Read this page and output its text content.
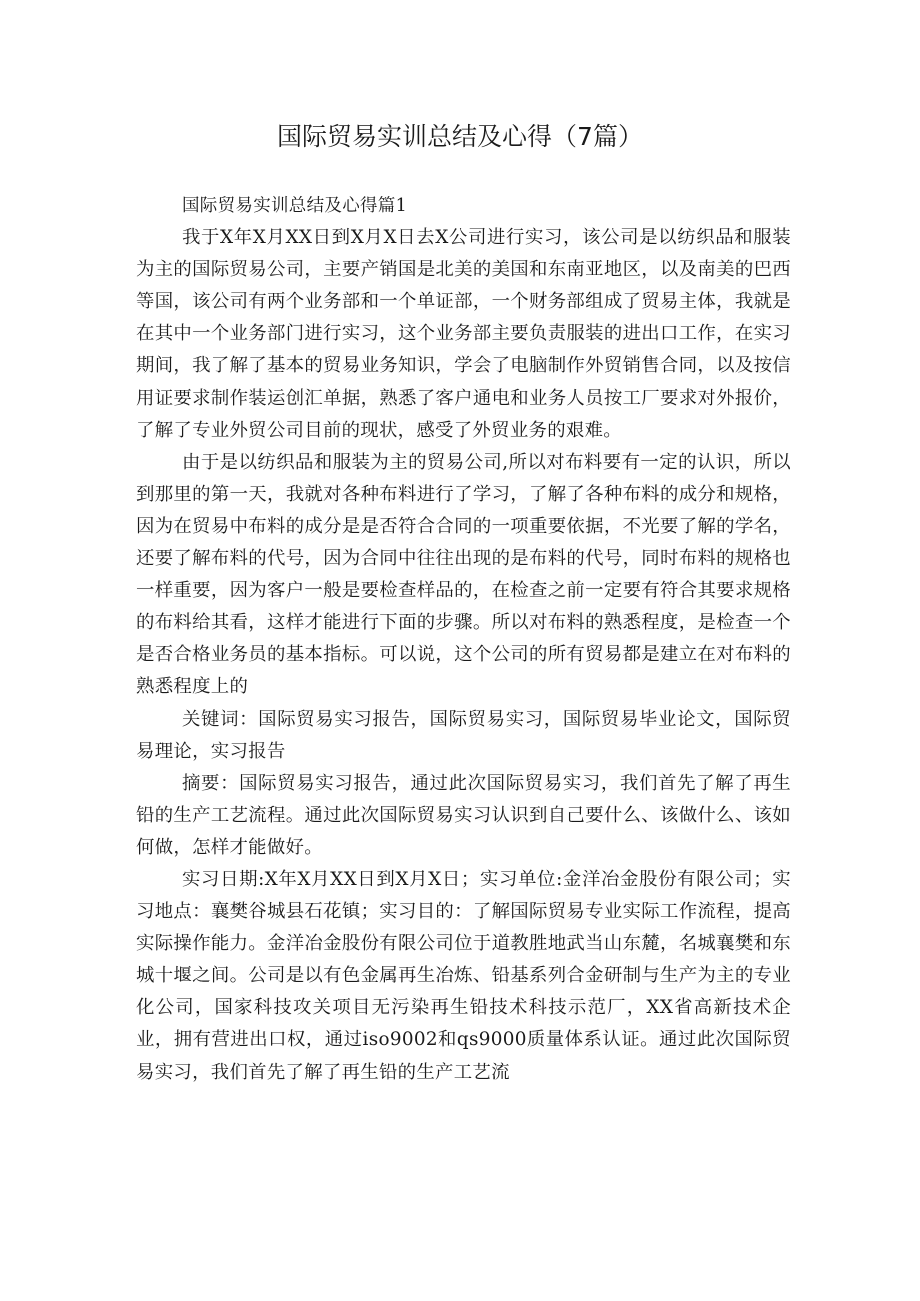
国际贸易实训总结及心得（7篇）

国际贸易实训总结及心得篇1

我于X年X月XX日到X月X日去X公司进行实习，该公司是以纺织品和服装为主的国际贸易公司，主要产销国是北美的美国和东南亚地区，以及南美的巴西等国，该公司有两个业务部和一个单证部，一个财务部组成了贸易主体，我就是在其中一个业务部门进行实习，这个业务部主要负责服装的进出口工作，在实习期间，我了解了基本的贸易业务知识，学会了电脑制作外贸销售合同，以及按信用证要求制作装运创汇单据，熟悉了客户通电和业务人员按工厂要求对外报价，了解了专业外贸公司目前的现状，感受了外贸业务的艰难。

由于是以纺织品和服装为主的贸易公司,所以对布料要有一定的认识，所以到那里的第一天，我就对各种布料进行了学习，了解了各种布料的成分和规格，因为在贸易中布料的成分是是否符合合同的一项重要依据，不光要了解的学名，还要了解布料的代号，因为合同中往往出现的是布料的代号，同时布料的规格也一样重要，因为客户一般是要检查样品的，在检查之前一定要有符合其要求规格的布料给其看，这样才能进行下面的步骤。所以对布料的熟悉程度，是检查一个是否合格业务员的基本指标。可以说，这个公司的所有贸易都是建立在对布料的熟悉程度上的

关键词：国际贸易实习报告，国际贸易实习，国际贸易毕业论文，国际贸易理论，实习报告

摘要：国际贸易实习报告，通过此次国际贸易实习，我们首先了解了再生铅的生产工艺流程。通过此次国际贸易实习认识到自己要什么、该做什么、该如何做，怎样才能做好。

实习日期:X年X月XX日到X月X日；实习单位:金洋冶金股份有限公司；实习地点：襄樊谷城县石花镇；实习目的：了解国际贸易专业实际工作流程，提高实际操作能力。金洋冶金股份有限公司位于道教胜地武当山东麓，名城襄樊和东城十堰之间。公司是以有色金属再生冶炼、铅基系列合金研制与生产为主的专业化公司，国家科技攻关项目无污染再生铅技术科技示范厂，XX省高新技术企业，拥有营进出口权，通过iso9002和qs9000质量体系认证。通过此次国际贸易实习，我们首先了解了再生铅的生产工艺流
